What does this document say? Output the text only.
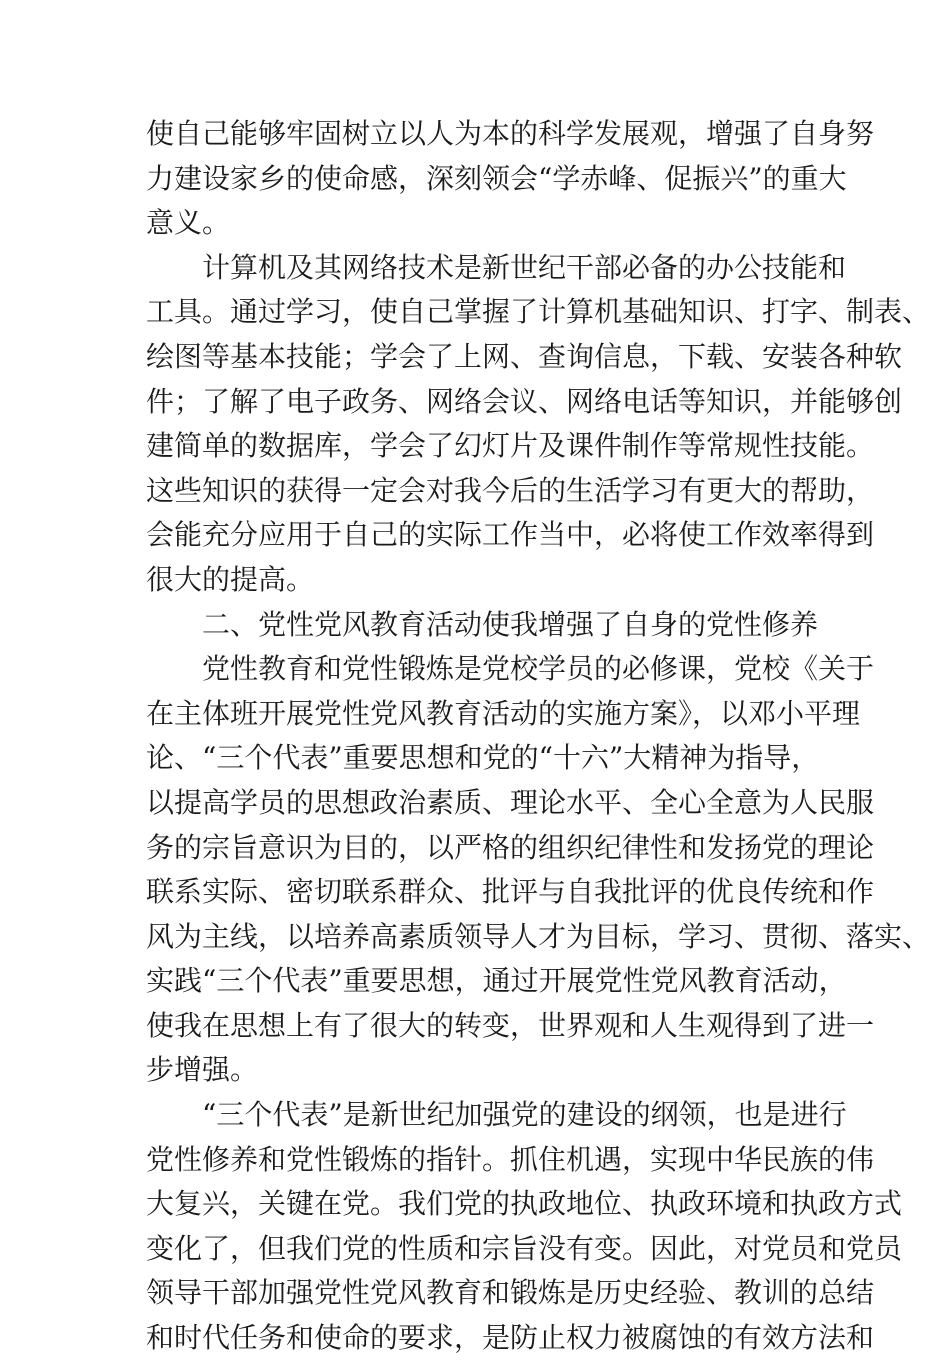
使自己能够牢固树立以人为本的科学发展观，增强了自身努
力建设家乡的使命感，深刻领会“学赤峰、促振兴”的重大
意义。
计算机及其网络技术是新世纪干部必备的办公技能和
工具。通过学习，使自己掌握了计算机基础知识、打字、制表、
绘图等基本技能；学会了上网、查询信息，下载、安装各种软
件；了解了电子政务、网络会议、网络电话等知识，并能够创
建简单的数据库，学会了幻灯片及课件制作等常规性技能。
这些知识的获得一定会对我今后的生活学习有更大的帮助，
会能充分应用于自己的实际工作当中，必将使工作效率得到
很大的提高。
二、党性党风教育活动使我增强了自身的党性修养
党性教育和党性锻炼是党校学员的必修课，党校《关于
在主体班开展党性党风教育活动的实施方案》，以邓小平理
论、“三个代表”重要思想和党的“十六”大精神为指导，
以提高学员的思想政治素质、理论水平、全心全意为人民服
务的宗旨意识为目的，以严格的组织纪律性和发扬党的理论
联系实际、密切联系群众、批评与自我批评的优良传统和作
风为主线，以培养高素质领导人才为目标，学习、贯彻、落实、
实践“三个代表”重要思想，通过开展党性党风教育活动，
使我在思想上有了很大的转变，世界观和人生观得到了进一
步增强。
“三个代表”是新世纪加强党的建设的纲领，也是进行
党性修养和党性锻炼的指针。抓住机遇，实现中华民族的伟
大复兴，关键在党。我们党的执政地位、执政环境和执政方式
变化了，但我们党的性质和宗旨没有变。因此，对党员和党员
领导干部加强党性党风教育和锻炼是历史经验、教训的总结
和时代任务和使命的要求，是防止权力被腐蚀的有效方法和
